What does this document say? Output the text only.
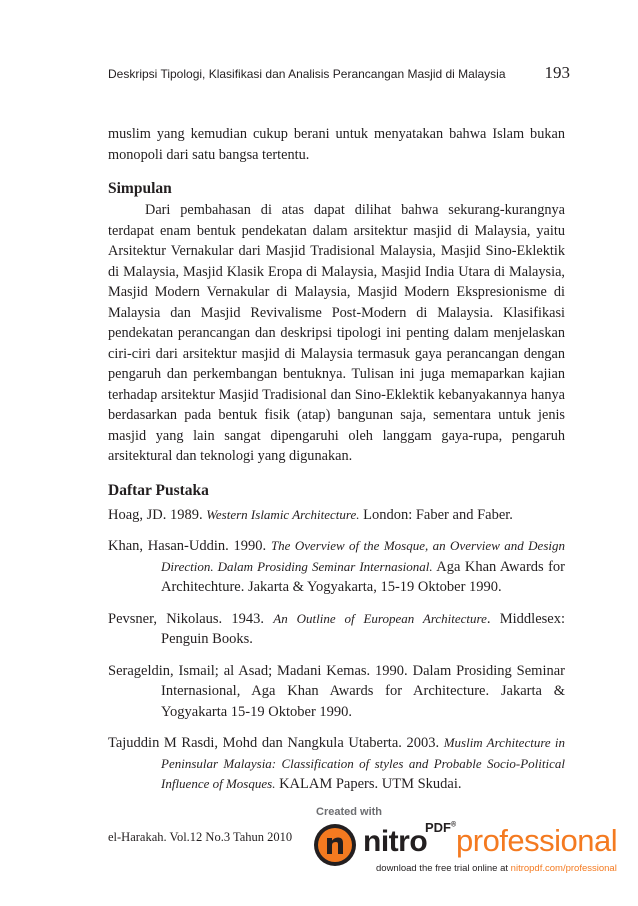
Deskripsi Tipologi, Klasifikasi dan Analisis Perancangan Masjid di Malaysia 193

muslim yang kemudian cukup berani untuk menyatakan bahwa Islam bukan monopoli dari satu bangsa tertentu.

Simpulan

Dari pembahasan di atas dapat dilihat bahwa sekurang-kurangnya terdapat enam bentuk pendekatan dalam arsitektur masjid di Malaysia, yaitu Arsitektur Vernakular dari Masjid Tradisional Malaysia, Masjid Sino-Eklektik di Malaysia, Masjid Klasik Eropa di Malaysia, Masjid India Utara di Malaysia, Masjid Modern Vernakular di Malaysia, Masjid Modern Ekspresionisme di Malaysia dan Masjid Revivalisme Post-Modern di Malaysia. Klasifikasi pendekatan perancangan dan deskripsi tipologi ini penting dalam menjelaskan ciri-ciri dari arsitektur masjid di Malaysia termasuk gaya perancangan dengan pengaruh dan perkembangan bentuknya. Tulisan ini juga memaparkan kajian terhadap arsitektur Masjid Tradisional dan Sino-Eklektik kebanyakannya hanya berdasarkan pada bentuk fisik (atap) bangunan saja, sementara untuk jenis masjid yang lain sangat dipengaruhi oleh langgam gaya-rupa, pengaruh arsitektural dan teknologi yang digunakan.

Daftar Pustaka
Hoag, JD. 1989. Western Islamic Architecture. London: Faber and Faber.
Khan, Hasan-Uddin. 1990. The Overview of the Mosque, an Overview and Design Direction. Dalam Prosiding Seminar Internasional. Aga Khan Awards for Architechture. Jakarta & Yogyakarta, 15-19 Oktober 1990.
Pevsner, Nikolaus. 1943. An Outline of European Architecture. Middlesex: Penguin Books.
Serageldin, Ismail; al Asad; Madani Kemas. 1990. Dalam Prosiding Seminar Internasional, Aga Khan Awards for Architecture. Jakarta & Yogyakarta 15-19 Oktober 1990.
Tajuddin M Rasdi, Mohd dan Nangkula Utaberta. 2003. Muslim Architecture in Peninsular Malaysia: Classification of styles and Probable Socio-Political Influence of Mosques. KALAM Papers. UTM Skudai.
el-Harakah. Vol.12 No.3 Tahun 2010
Created with
nitro
PDF® professional
download the free trial online at nitropdf.com/professional
